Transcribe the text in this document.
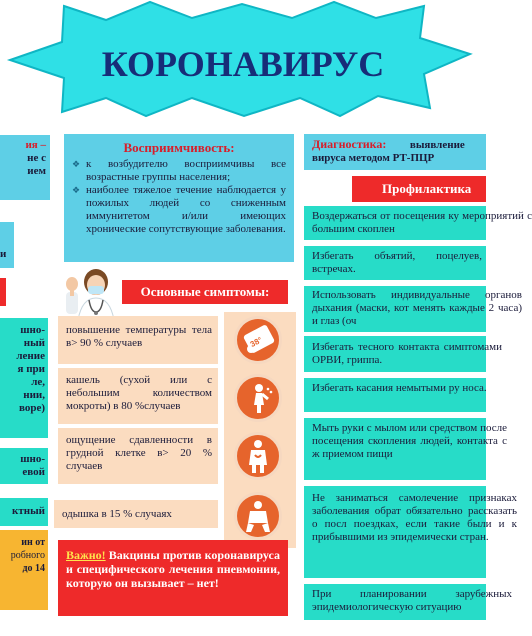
КОРОНАВИРУС
ия –
не с
ием
и
шно-
ный
ление
я при
ле,
нии,
воре)
шно-
евой
ктный
ин от
робного
до 14
Восприимчивость:
❖ к возбудителю восприимчивы все возрастные группы населения;
❖ наиболее тяжелое течение наблюдается у пожилых людей со сниженным иммунитетом и/или имеющих хронические сопутствующие заболевания.
Диагностика: выявление
вируса методом РТ-ПЦР
Профилактика
Воздержаться от посещения ку мероприятий с большим скоплен
Избегать объятий, поцелуев, встречах.
Использовать индивидуальные органов дыхания (маски, кот менять каждые 2 часа) и глаз (оч
Избегать тесного контакта симптомами ОРВИ, гриппа.
Избегать касания немытыми ру носа.
Мыть руки с мылом или средством после посещения скопления людей, контакта с ж приемом пищи
Не заниматься самолечение признаках заболевания обрат обязательно рассказать о посл поездках, если такие были и к прибывшими из эпидемически стран.
При планировании зарубежных эпидемиологическую ситуацию
Основные симптомы:
повышение температуры тела в> 90 % случаев
кашель (сухой или с небольшим количеством мокроты) в 80 %случаев
ощущение сдавленности в грудной клетке в> 20 % случаев
одышка в 15 % случаях
38°
Важно! Вакцины против коронавируса и специфического лечения пневмонии, которую он вызывает – нет!
